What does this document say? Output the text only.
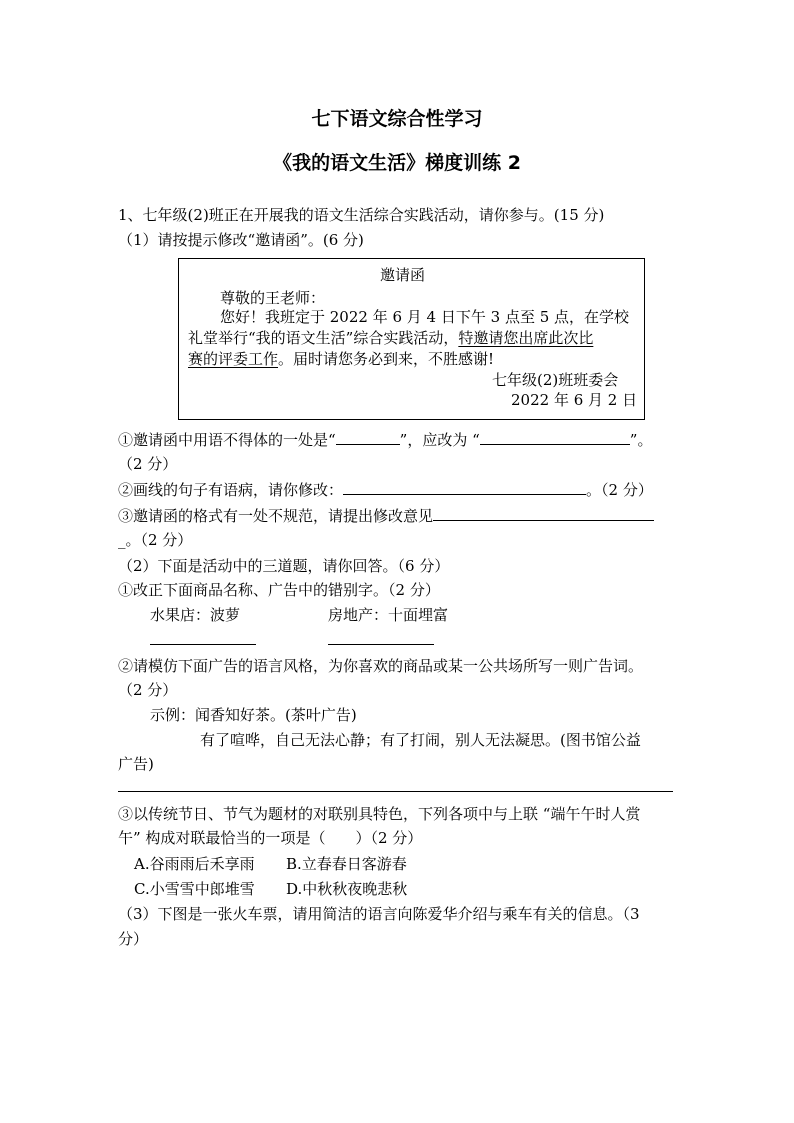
七下语文综合性学习
《我的语文生活》梯度训练 2
1、七年级(2)班正在开展我的语文生活综合实践活动，请你参与。(15 分)
（1）请按提示修改“邀请函”。(6 分)
邀请函
尊敬的王老师：
您好！我班定于 2022 年 6 月 4 日下午 3 点至 5 点，在学校
礼堂举行“我的语文生活”综合实践活动，特邀请您出席此次比
赛的评委工作。届时请您务必到来，不胜感谢!
七年级(2)班班委会
2022 年 6 月 2 日
①邀请函中用语不得体的一处是“	”，应改为 “	”。
（2 分）
②画线的句子有语病，请你修改：	。（2 分）
③邀请函的格式有一处不规范，请提出修改意见
_。（2 分）
（2）下面是活动中的三道题，请你回答。（6 分）
①改正下面商品名称、广告中的错别字。（2 分）
水果店：波萝	房地产：十面埋富
②请模仿下面广告的语言风格，为你喜欢的商品或某一公共场所写一则广告词。
（2 分）
示例：闻香知好茶。(茶叶广告)
有了喧哗，自己无法心静；有了打闹，别人无法凝思。(图书馆公益
广告)
③以传统节日、节气为题材的对联别具特色，下列各项中与上联 “端午午时人赏
午” 构成对联最恰当的一项是（　　）（2 分）
A.谷雨雨后禾享雨 B.立春春日客游春
C.小雪雪中郎堆雪 D.中秋秋夜晚悲秋
（3）下图是一张火车票，请用简洁的语言向陈爱华介绍与乘车有关的信息。（3
分）
